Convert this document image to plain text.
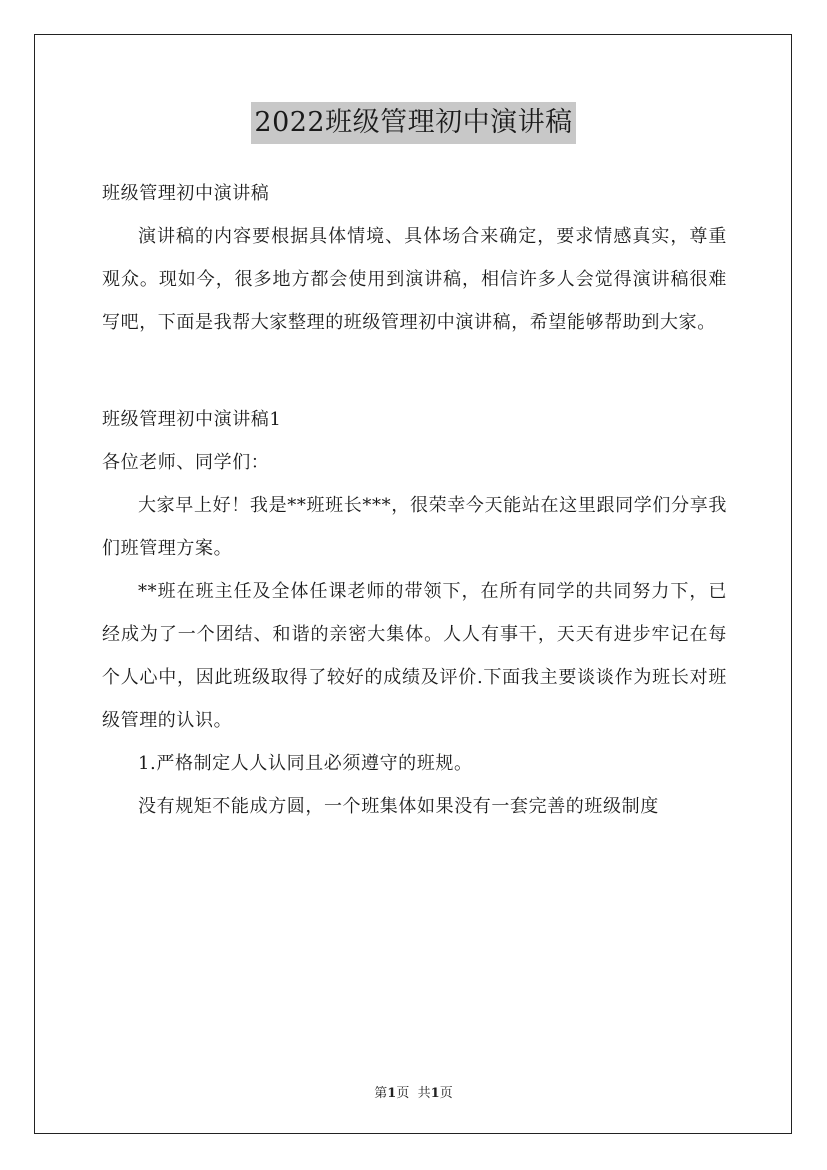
2022班级管理初中演讲稿

班级管理初中演讲稿

演讲稿的内容要根据具体情境、具体场合来确定，要求情感真实，尊重观众。现如今，很多地方都会使用到演讲稿，相信许多人会觉得演讲稿很难写吧，下面是我帮大家整理的班级管理初中演讲稿，希望能够帮助到大家。

班级管理初中演讲稿1

各位老师、同学们：

大家早上好！我是**班班长***，很荣幸今天能站在这里跟同学们分享我们班管理方案。

**班在班主任及全体任课老师的带领下，在所有同学的共同努力下，已经成为了一个团结、和谐的亲密大集体。人人有事干，天天有进步牢记在每个人心中，因此班级取得了较好的成绩及评价.下面我主要谈谈作为班长对班级管理的认识。

1.严格制定人人认同且必须遵守的班规。

没有规矩不能成方圆，一个班集体如果没有一套完善的班级制度

第1页 共1页
